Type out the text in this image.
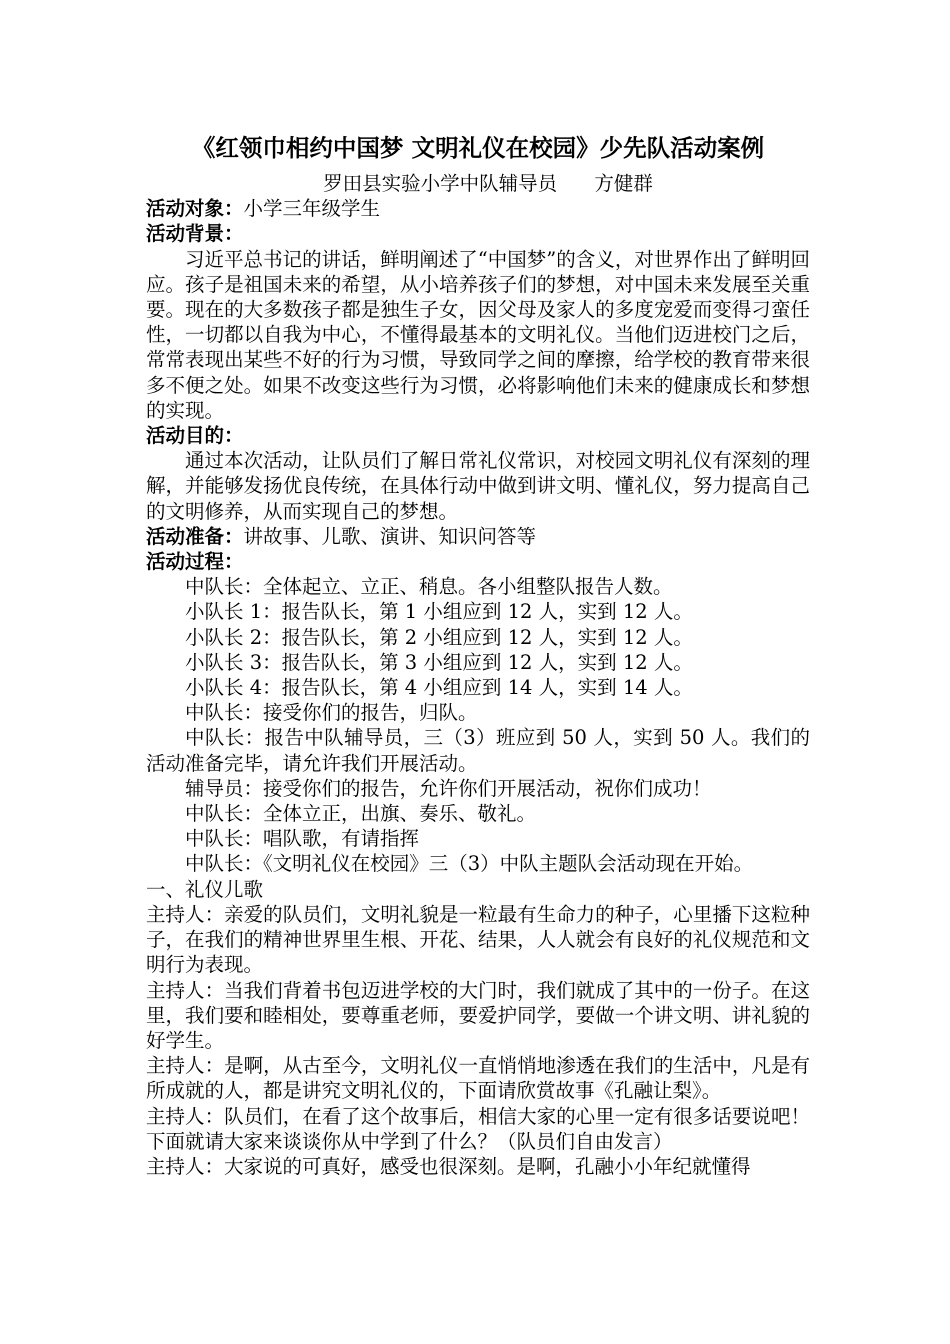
《红领巾相约中国梦 文明礼仪在校园》少先队活动案例
罗田县实验小学中队辅导员      方健群
活动对象：小学三年级学生
活动背景：

习近平总书记的讲话，鲜明阐述了“中国梦”的含义，对世界作出了鲜明回应。孩子是祖国未来的希望，从小培养孩子们的梦想，对中国未来发展至关重要。现在的大多数孩子都是独生子女，因父母及家人的多度宠爱而变得刁蛮任性，一切都以自我为中心，不懂得最基本的文明礼仪。当他们迈进校门之后，常常表现出某些不好的行为习惯，导致同学之间的摩擦，给学校的教育带来很多不便之处。如果不改变这些行为习惯，必将影响他们未来的健康成长和梦想的实现。

活动目的：

通过本次活动，让队员们了解日常礼仪常识，对校园文明礼仪有深刻的理解，并能够发扬优良传统，在具体行动中做到讲文明、懂礼仪，努力提高自己的文明修养，从而实现自己的梦想。

活动准备：讲故事、儿歌、演讲、知识问答等
活动过程：

中队长：全体起立、立正、稍息。各小组整队报告人数。

小队长 1：报告队长，第 1 小组应到 12 人，实到 12 人。

小队长 2：报告队长，第 2 小组应到 12 人，实到 12 人。

小队长 3：报告队长，第 3 小组应到 12 人，实到 12 人。

小队长 4：报告队长，第 4 小组应到 14 人，实到 14 人。

中队长：接受你们的报告，归队。

中队长：报告中队辅导员，三（3）班应到 50 人，实到 50 人。我们的活动准备完毕，请允许我们开展活动。

辅导员：接受你们的报告，允许你们开展活动，祝你们成功！

中队长：全体立正，出旗、奏乐、敬礼。

中队长：唱队歌，有请指挥

中队长：《文明礼仪在校园》三（3）中队主题队会活动现在开始。

一、礼仪儿歌

主持人：亲爱的队员们，文明礼貌是一粒最有生命力的种子，心里播下这粒种子，在我们的精神世界里生根、开花、结果，人人就会有良好的礼仪规范和文明行为表现。

主持人：当我们背着书包迈进学校的大门时，我们就成了其中的一份子。在这里，我们要和睦相处，要尊重老师，要爱护同学，要做一个讲文明、讲礼貌的好学生。

主持人：是啊，从古至今，文明礼仪一直悄悄地渗透在我们的生活中，凡是有所成就的人，都是讲究文明礼仪的，下面请欣赏故事《孔融让梨》。

主持人：队员们，在看了这个故事后，相信大家的心里一定有很多话要说吧！下面就请大家来谈谈你从中学到了什么？（队员们自由发言）

主持人：大家说的可真好，感受也很深刻。是啊，孔融小小年纪就懂得
